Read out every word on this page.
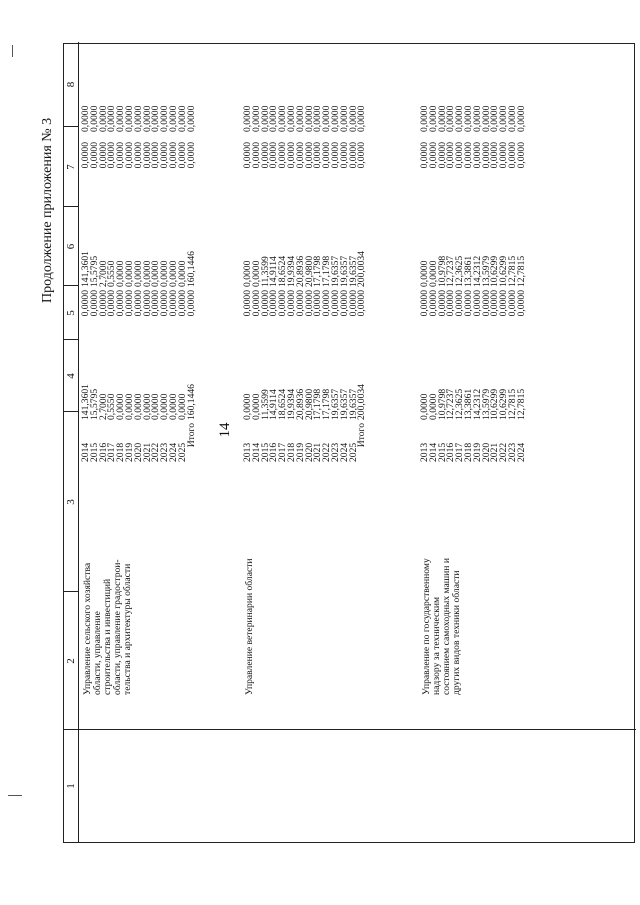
Продолжение приложения № 3
14
1
2
3
4
5
6
7
8
Управление сельского хозяйства области, управление строительства и инвестиций области, управление градострои- тельства и архитектуры области
2014
141,3601
0,0000
141,3601
0,0000
0,0000
2015
15,5795
0,0000
15,5795
0,0000
0,0000
2016
2,7000
0,0000
2,7000
0,0000
0,0000
2017
0,5550
0,0000
0,5550
0,0000
0,0000
2018
0,0000
0,0000
0,0000
0,0000
0,0000
2019
0,0000
0,0000
0,0000
0,0000
0,0000
2020
0,0000
0,0000
0,0000
0,0000
0,0000
2021
0,0000
0,0000
0,0000
0,0000
0,0000
2022
0,0000
0,0000
0,0000
0,0000
0,0000
2023
0,0000
0,0000
0,0000
0,0000
0,0000
2024
0,0000
0,0000
0,0000
0,0000
0,0000
2025
0,0000
0,0000
0,0000
0,0000
0,0000
Итого
160,1446
0,0000
160,1446
0,0000
0,0000
Управление ветеринарии области
2013
0,0000
0,0000
0,0000
0,0000
0,0000
2014
0,0000
0,0000
0,0000
0,0000
0,0000
2015
11,3599
0,0000
11,3599
0,0000
0,0000
2016
14,9114
0,0000
14,9114
0,0000
0,0000
2017
18,6524
0,0000
18,6524
0,0000
0,0000
2018
19,9394
0,0000
19,9394
0,0000
0,0000
2019
20,8936
0,0000
20,8936
0,0000
0,0000
2020
20,9800
0,0000
20,9800
0,0000
0,0000
2021
17,1798
0,0000
17,1798
0,0000
0,0000
2022
17,1798
0,0000
17,1798
0,0000
0,0000
2023
19,6357
0,0000
19,6357
0,0000
0,0000
2024
19,6357
0,0000
19,6357
0,0000
0,0000
2025
19,6357
0,0000
19,6357
0,0000
0,0000
Итого
200,0034
0,0000
200,0034
0,0000
0,0000
Управление по государственному надзору за техническим состоянием самоходных машин и других видов техники области
2013
0,0000
0,0000
0,0000
0,0000
0,0000
2014
0,0000
0,0000
0,0000
0,0000
0,0000
2015
10,9798
0,0000
10,9798
0,0000
0,0000
2016
12,7237
0,0000
12,7237
0,0000
0,0000
2017
12,3625
0,0000
12,3625
0,0000
0,0000
2018
13,3861
0,0000
13,3861
0,0000
0,0000
2019
14,2312
0,0000
14,2312
0,0000
0,0000
2020
13,5979
0,0000
13,5979
0,0000
0,0000
2021
10,6299
0,0000
10,6299
0,0000
0,0000
2022
10,6299
0,0000
10,6299
0,0000
0,0000
2023
12,7815
0,0000
12,7815
0,0000
0,0000
2024
12,7815
0,0000
12,7815
0,0000
0,0000
